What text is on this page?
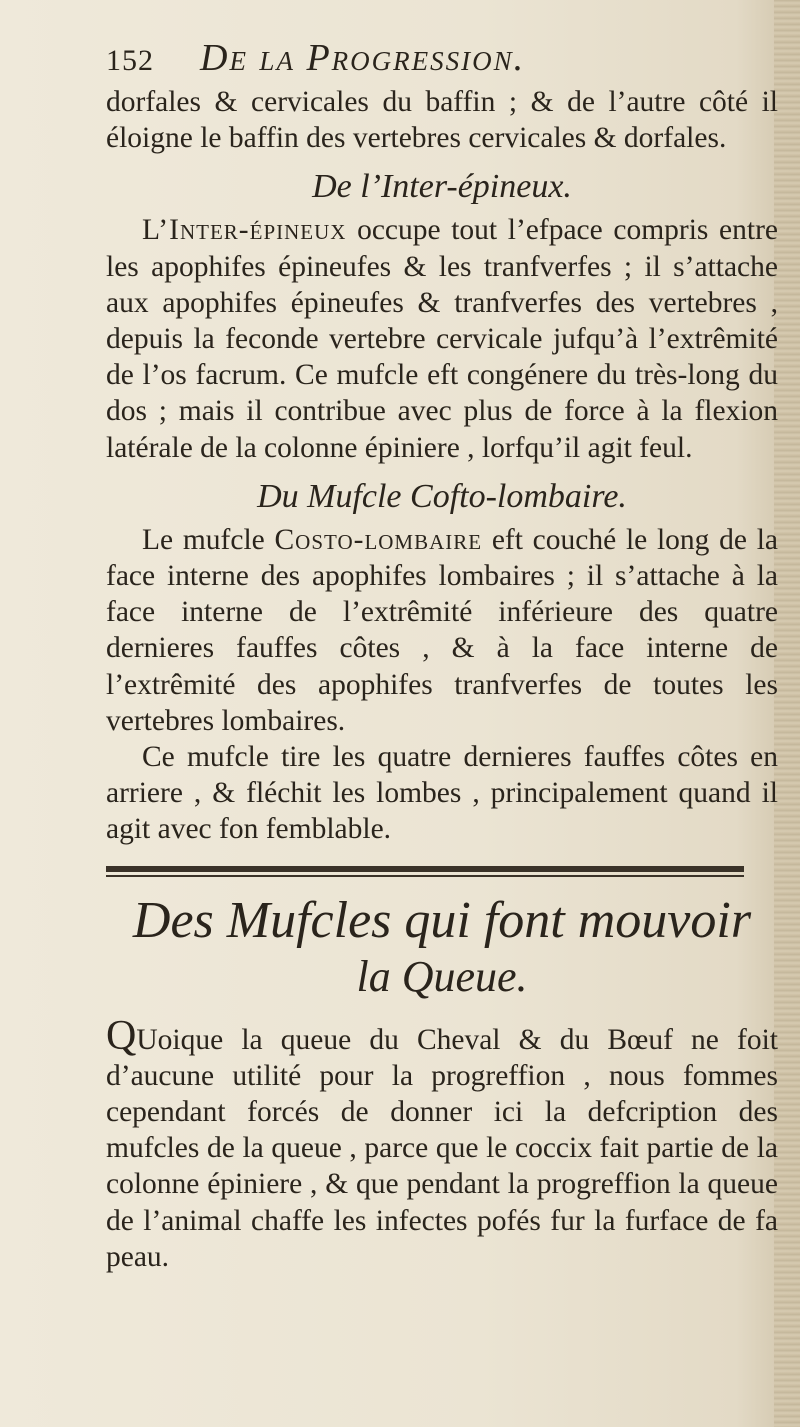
152 De la Progression.

dorfales & cervicales du baffin ; & de l’autre côté il éloigne le baffin des vertebres cervicales & dorfales.

De l’Inter-épineux.

L’Inter-épineux occupe tout l’efpace compris entre les apophifes épineufes & les tranfverfes ; il s’attache aux apophifes épineufes & tranfverfes des vertebres , depuis la feconde vertebre cervicale jufqu’à l’extrêmité de l’os facrum. Ce mufcle eft congénere du très-long du dos ; mais il contribue avec plus de force à la flexion latérale de la colonne épiniere , lorfqu’il agit feul.

Du Mufcle Cofto-lombaire.

Le mufcle Costo-lombaire eft couché le long de la face interne des apophifes lombaires ; il s’attache à la face interne de l’extrêmité inférieure des quatre dernieres fauffes côtes , & à la face interne de l’extrêmité des apophifes tranfverfes de toutes les vertebres lombaires.

Ce mufcle tire les quatre dernieres fauffes côtes en arriere , & fléchit les lombes , principalement quand il agit avec fon femblable.

Des Mufcles qui font mouvoir
la Queue.

QUoique la queue du Cheval & du Bœuf ne foit d’aucune utilité pour la progreffion , nous fommes cependant forcés de donner ici la defcription des mufcles de la queue , parce que le coccix fait partie de la colonne épiniere , & que pendant la progreffion la queue de l’animal chaffe les infectes pofés fur la furface de fa peau.
